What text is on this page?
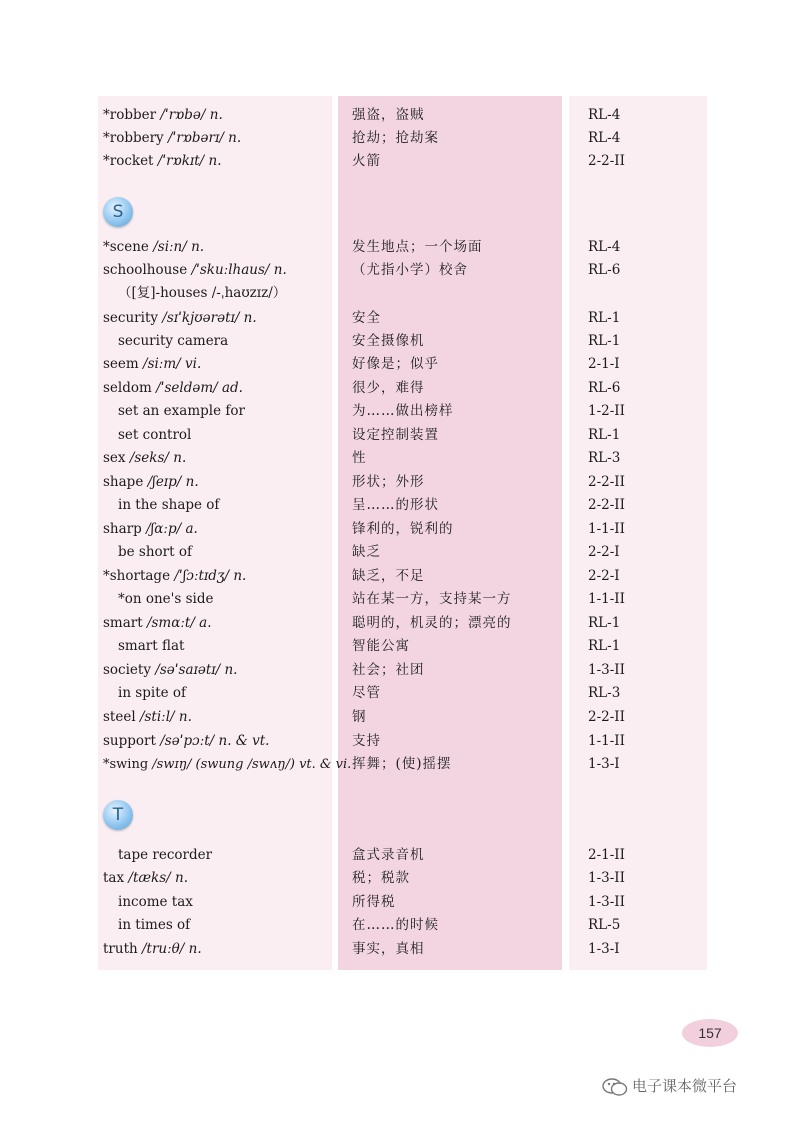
*robber /ˈrɒbə/ n.	强盗，盗贼	RL-4
*robbery /ˈrɒbərɪ/ n.	抢劫；抢劫案	RL-4
*rocket /ˈrɒkɪt/ n.	火箭	2-2-II
S
*scene /siːn/ n.	发生地点；一个场面	RL-4
schoolhouse /ˈskuːlhaus/ n.	（尤指小学）校舍	RL-6
（[复]-houses /-ˌhaʊzɪz/）
security /sɪˈkjʊərətɪ/ n.	安全	RL-1
security camera	安全摄像机	RL-1
seem /siːm/ vi.	好像是；似乎	2-1-I
seldom /ˈseldəm/ ad.	很少，难得	RL-6
set an example for	为……做出榜样	1-2-II
set control	设定控制装置	RL-1
sex /seks/ n.	性	RL-3
shape /ʃeɪp/ n.	形状；外形	2-2-II
in the shape of	呈……的形状	2-2-II
sharp /ʃɑːp/ a.	锋利的，锐利的	1-1-II
be short of	缺乏	2-2-I
*shortage /ˈʃɔːtɪdʒ/ n.	缺乏，不足	2-2-I
*on one's side	站在某一方，支持某一方	1-1-II
smart /smɑːt/ a.	聪明的，机灵的；漂亮的	RL-1
smart flat	智能公寓	RL-1
society /səˈsaɪətɪ/ n.	社会；社团	1-3-II
in spite of	尽管	RL-3
steel /stiːl/ n.	钢	2-2-II
support /səˈpɔːt/ n. & vt.	支持	1-1-II
*swing /swɪŋ/ (swung /swʌŋ/) vt. & vi. 挥舞；(使)摇摆	1-3-I
T
tape recorder	盒式录音机	2-1-II
tax /tæks/ n.	税；税款	1-3-II
income tax	所得税	1-3-II
in times of	在……的时候	RL-5
truth /truːθ/ n.	事实，真相	1-3-I
157
电子课本微平台
